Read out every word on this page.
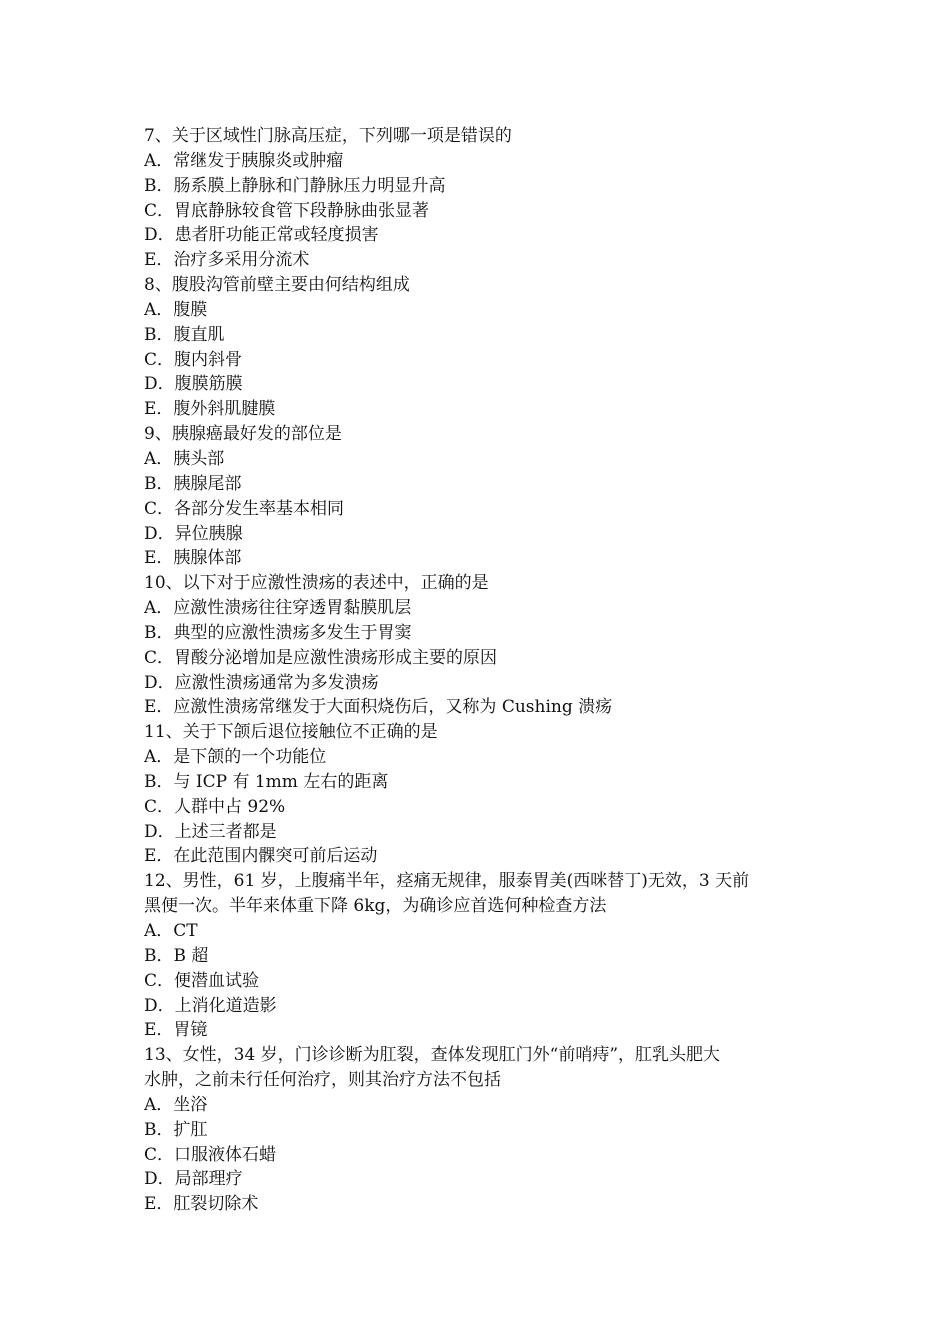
7、关于区域性门脉高压症，下列哪一项是错误的
A．常继发于胰腺炎或肿瘤
B．肠系膜上静脉和门静脉压力明显升高
C．胃底静脉较食管下段静脉曲张显著
D．患者肝功能正常或轻度损害
E．治疗多采用分流术
8、腹股沟管前壁主要由何结构组成
A．腹膜
B．腹直肌
C．腹内斜骨
D．腹膜筋膜
E．腹外斜肌腱膜
9、胰腺癌最好发的部位是
A．胰头部
B．胰腺尾部
C．各部分发生率基本相同
D．异位胰腺
E．胰腺体部
10、以下对于应激性溃疡的表述中，正确的是
A．应激性溃疡往往穿透胃黏膜肌层
B．典型的应激性溃疡多发生于胃窦
C．胃酸分泌增加是应激性溃疡形成主要的原因
D．应激性溃疡通常为多发溃疡
E．应激性溃疡常继发于大面积烧伤后，又称为 Cushing 溃疡
11、关于下颌后退位接触位不正确的是
A．是下颌的一个功能位
B．与 ICP 有 1mm 左右的距离
C．人群中占 92%
D．上述三者都是
E．在此范围内髁突可前后运动
12、男性，61 岁，上腹痛半年，痉痛无规律，服泰胃美(西咪替丁)无效，3 天前
黑便一次。半年来体重下降 6kg，为确诊应首选何种检查方法
A．CT
B．B 超
C．便潜血试验
D．上消化道造影
E．胃镜
13、女性，34 岁，门诊诊断为肛裂，查体发现肛门外“前哨痔”，肛乳头肥大
水肿，之前未行任何治疗，则其治疗方法不包括
A．坐浴
B．扩肛
C．口服液体石蜡
D．局部理疗
E．肛裂切除术
